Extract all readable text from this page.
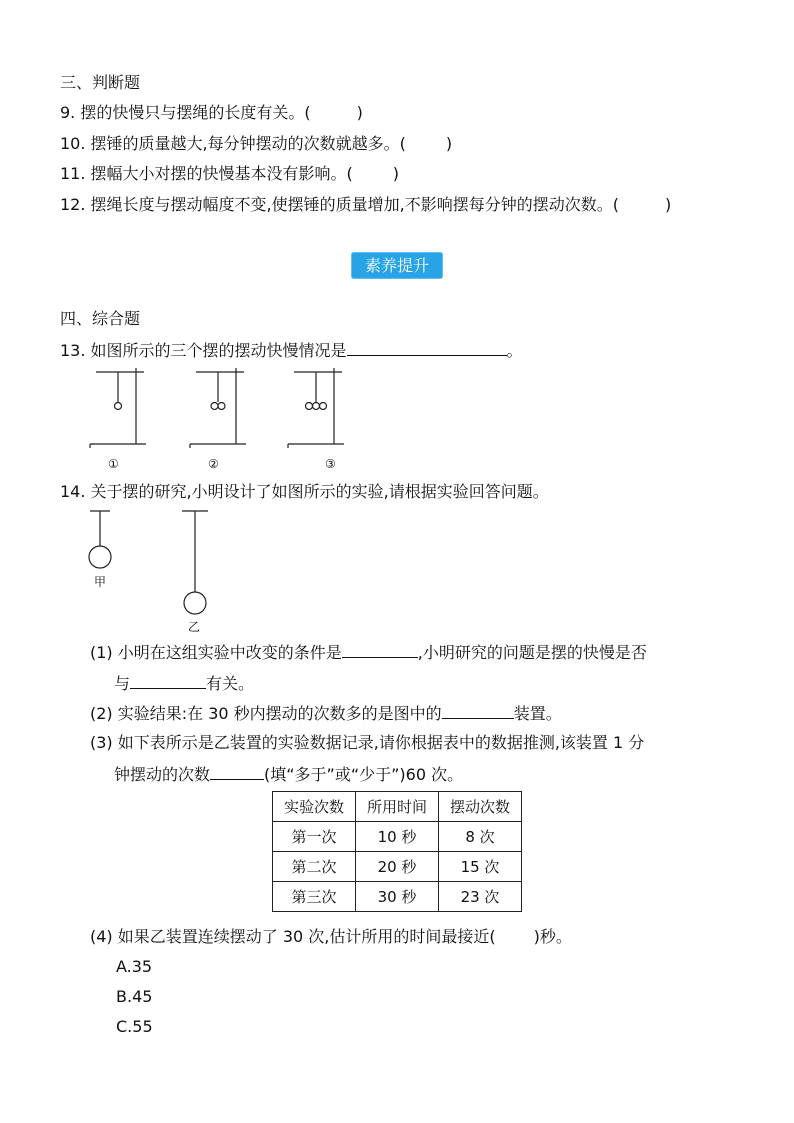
三、判断题
9. 摆的快慢只与摆绳的长度有关。(	)
10. 摆锤的质量越大,每分钟摆动的次数就越多。(	)
11. 摆幅大小对摆的快慢基本没有影响。(	)
12. 摆绳长度与摆动幅度不变,使摆锤的质量增加,不影响摆每分钟的摆动次数。(	)
素养提升
四、综合题
13. 如图所示的三个摆的摆动快慢情况是	。
①	②	③
14. 关于摆的研究,小明设计了如图所示的实验,请根据实验回答问题。
甲
乙
(1) 小明在这组实验中改变的条件是	,小明研究的问题是摆的快慢是否
与	有关。
(2) 实验结果:在 30 秒内摆动的次数多的是图中的	装置。
(3) 如下表所示是乙装置的实验数据记录,请你根据表中的数据推测,该装置 1 分
钟摆动的次数	(填“多于”或“少于”)60 次。
实验次数	所用时间	摆动次数
第一次	10 秒	8 次
第二次	20 秒	15 次
第三次	30 秒	23 次
(4) 如果乙装置连续摆动了 30 次,估计所用的时间最接近( )秒。
A.35
B.45
C.55
